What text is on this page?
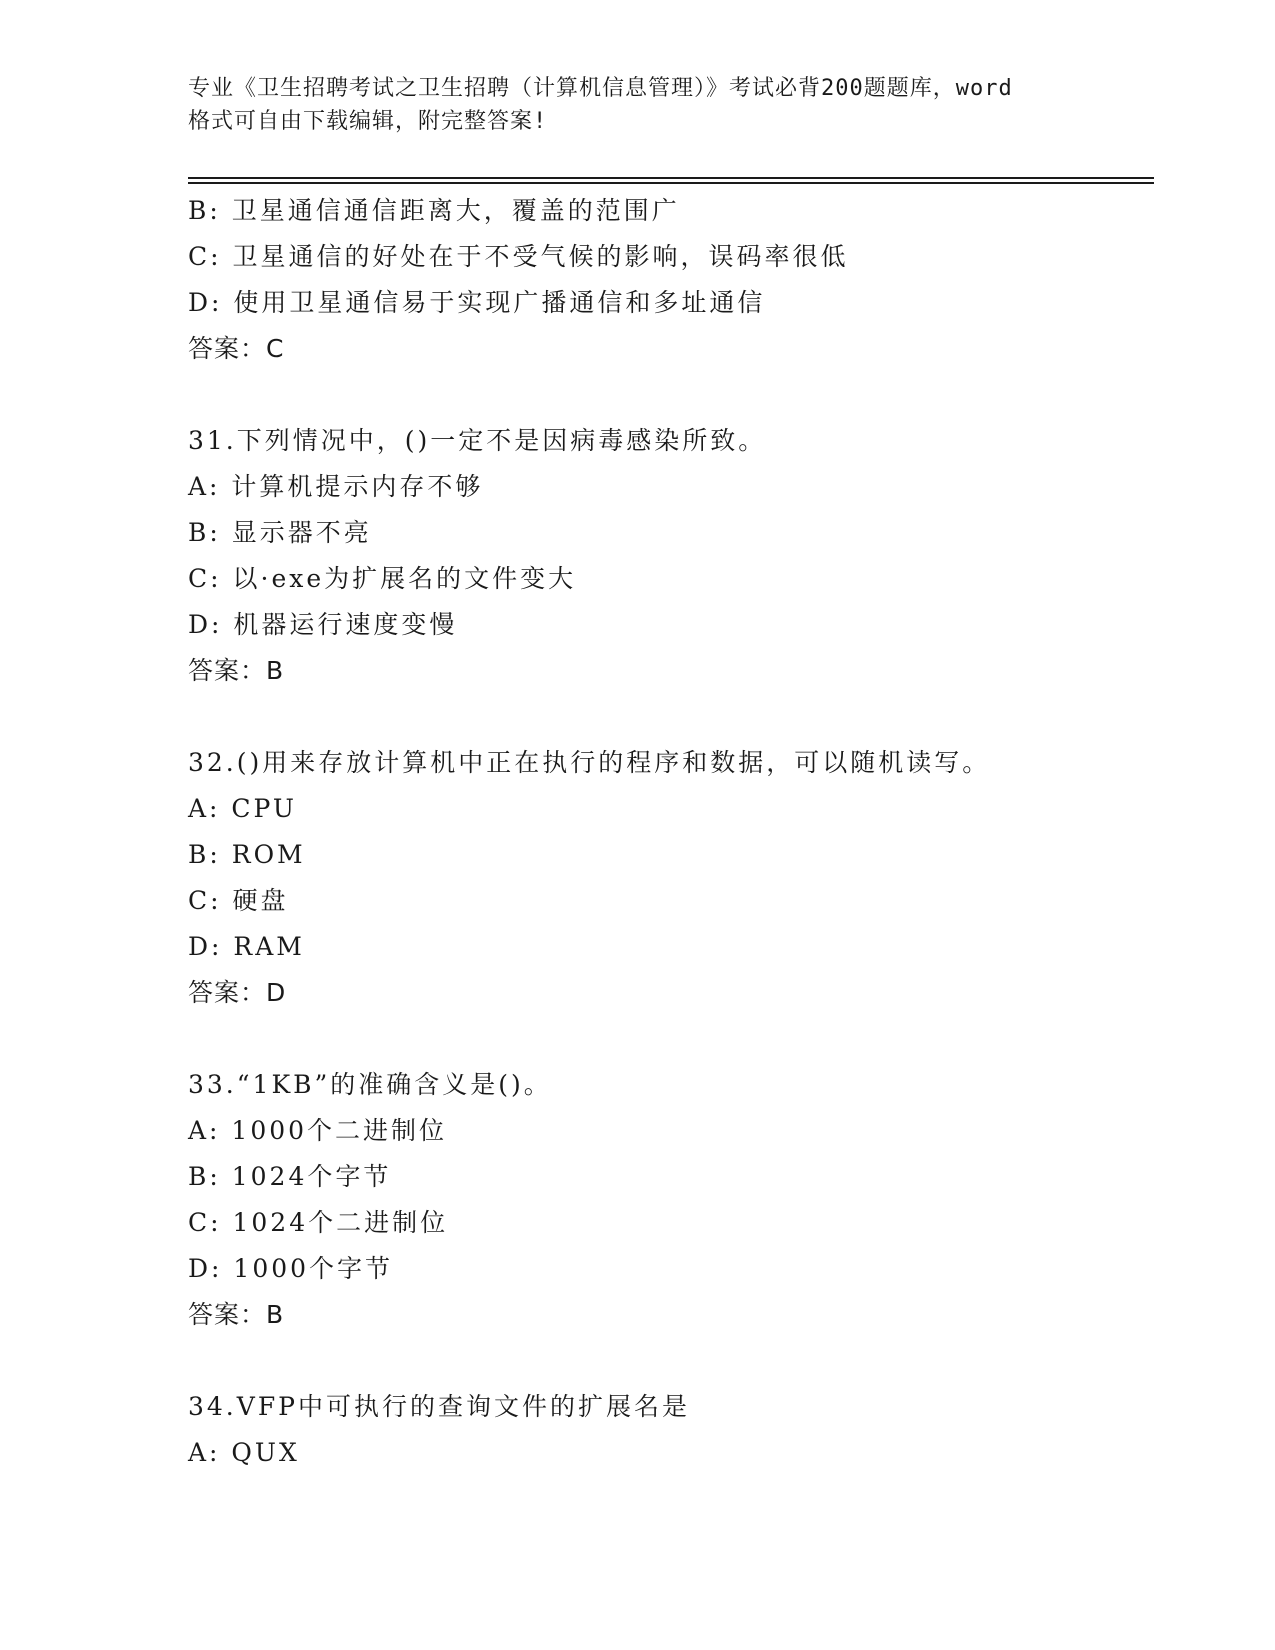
专业《卫生招聘考试之卫生招聘（计算机信息管理）》考试必背200题题库，word
格式可自由下载编辑，附完整答案!
B: 卫星通信通信距离大，覆盖的范围广
C: 卫星通信的好处在于不受气候的影响，误码率很低
D: 使用卫星通信易于实现广播通信和多址通信
答案：C
31.下列情况中，()一定不是因病毒感染所致。
A: 计算机提示内存不够
B: 显示器不亮
C: 以·exe为扩展名的文件变大
D: 机器运行速度变慢
答案：B
32.()用来存放计算机中正在执行的程序和数据，可以随机读写。
A: CPU
B: ROM
C: 硬盘
D: RAM
答案：D
33.“1KB”的准确含义是()。
A: 1000个二进制位
B: 1024个字节
C: 1024个二进制位
D: 1000个字节
答案：B
34.VFP中可执行的查询文件的扩展名是
A: QUX
